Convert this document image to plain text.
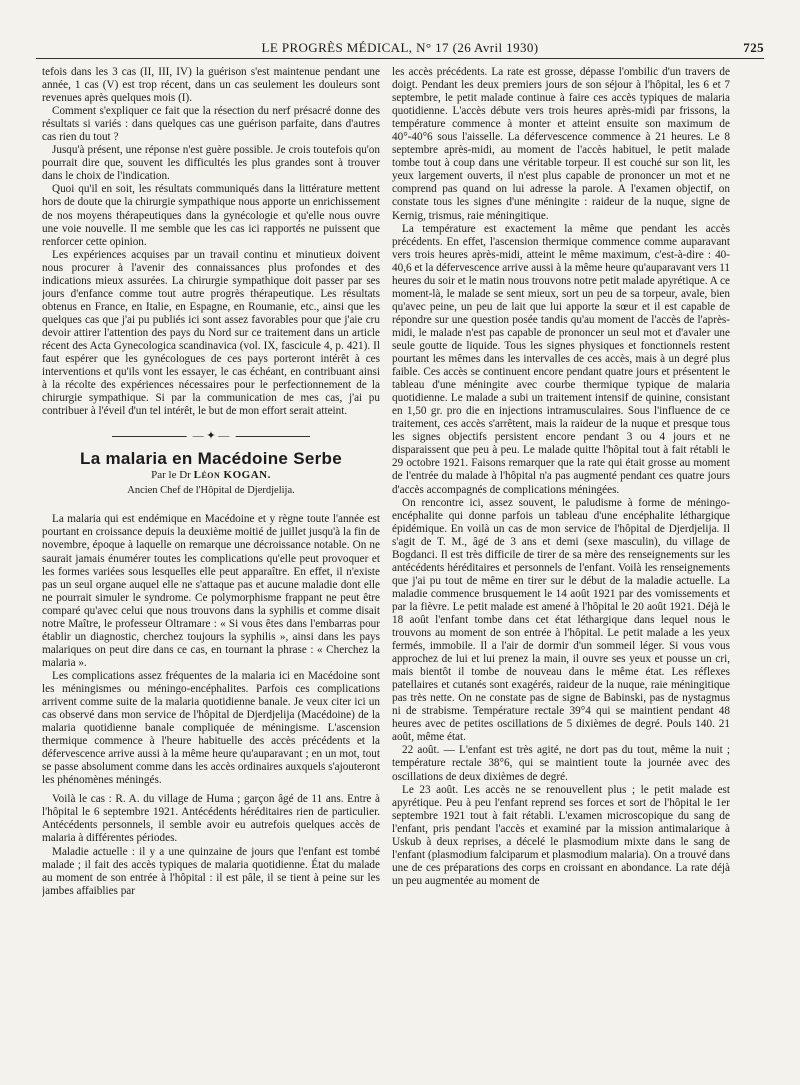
LE PROGRÈS MÉDICAL, N° 17 (26 Avril 1930)	725

tefois dans les 3 cas (II, III, IV) la guérison s'est maintenue pendant une année, 1 cas (V) est trop récent, dans un cas seulement les douleurs sont revenues après quelques mois (I).

Comment s'expliquer ce fait que la résection du nerf présacré donne des résultats si variés : dans quelques cas une guérison parfaite, dans d'autres cas rien du tout ?

Jusqu'à présent, une réponse n'est guère possible. Je crois toutefois qu'on pourrait dire que, souvent les difficultés les plus grandes sont à trouver dans le choix de l'indication.

Quoi qu'il en soit, les résultats communiqués dans la littérature mettent hors de doute que la chirurgie sympathique nous apporte un enrichissement de nos moyens thérapeutiques dans la gynécologie et qu'elle nous ouvre une voie nouvelle. Il me semble que les cas ici rapportés ne puissent que renforcer cette opinion.

Les expériences acquises par un travail continu et minutieux doivent nous procurer à l'avenir des connaissances plus profondes et des indications mieux assurées. La chirurgie sympathique doit passer par ses jours d'enfance comme tout autre progrès thérapeutique. Les résultats obtenus en France, en Italie, en Espagne, en Roumanie, etc., ainsi que les quelques cas que j'ai pu publiés ici sont assez favorables pour que j'aie cru devoir attirer l'attention des pays du Nord sur ce traitement dans un article récent des Acta Gynecologica scandinavica (vol. IX, fascicule 4, p. 421). Il faut espérer que les gynécologues de ces pays porteront intérêt à ces interventions et qu'ils vont les essayer, le cas échéant, en contribuant ainsi à la récolte des expériences nécessaires pour le perfectionnement de la chirurgie sympathique. Si par la communication de mes cas, j'ai pu contribuer à l'éveil d'un tel intérêt, le but de mon effort serait atteint.

— ✦ —
La malaria en Macédoine Serbe
Par le Dr Léon KOGAN.
Ancien Chef de l'Hôpital de Djerdjelija.

La malaria qui est endémique en Macédoine et y règne toute l'année est pourtant en croissance depuis la deuxième moitié de juillet jusqu'à la fin de novembre, époque à laquelle on remarque une décroissance notable. On ne saurait jamais énumérer toutes les complications qu'elle peut provoquer et les formes variées sous lesquelles elle peut apparaître. En effet, il n'existe pas un seul organe auquel elle ne s'attaque pas et aucune maladie dont elle ne pourrait simuler le syndrome. Ce polymorphisme frappant ne peut être comparé qu'avec celui que nous trouvons dans la syphilis et comme disait notre Maître, le professeur Oltramare : « Si vous êtes dans l'embarras pour établir un diagnostic, cherchez toujours la syphilis », ainsi dans les pays malariques on peut dire dans ce cas, en tournant la phrase : « Cherchez la malaria ».

Les complications assez fréquentes de la malaria ici en Macédoine sont les méningismes ou méningo-encéphalites. Parfois ces complications arrivent comme suite de la malaria quotidienne banale. Je veux citer ici un cas observé dans mon service de l'hôpital de Djerdjelija (Macédoine) de la malaria quotidienne banale compliquée de méningisme. L'ascension thermique commence à l'heure habituelle des accès précédents et la défervescence arrive aussi à la même heure qu'auparavant ; en un mot, tout se passe absolument comme dans les accès ordinaires auxquels s'ajouteront les phénomènes méningés.

Voilà le cas : R. A. du village de Huma ; garçon âgé de 11 ans. Entre à l'hôpital le 6 septembre 1921. Antécédents héréditaires rien de particulier. Antécédents personnels, il semble avoir eu autrefois quelques accès de malaria à différentes périodes.

Maladie actuelle : il y a une quinzaine de jours que l'enfant est tombé malade ; il fait des accès typiques de malaria quotidienne. État du malade au moment de son entrée à l'hôpital : il est pâle, il se tient à peine sur les jambes affaiblies par

les accès précédents. La rate est grosse, dépasse l'ombilic d'un travers de doigt. Pendant les deux premiers jours de son séjour à l'hôpital, les 6 et 7 septembre, le petit malade continue à faire ces accès typiques de malaria quotidienne. L'accès débute vers trois heures après-midi par frissons, la température commence à monter et atteint ensuite son maximum de 40°-40°6 sous l'aisselle. La défervescence commence à 21 heures. Le 8 septembre après-midi, au moment de l'accès habituel, le petit malade tombe tout à coup dans une véritable torpeur. Il est couché sur son lit, les yeux largement ouverts, il n'est plus capable de prononcer un mot et ne comprend pas quand on lui adresse la parole. A l'examen objectif, on constate tous les signes d'une méningite : raideur de la nuque, signe de Kernig, trismus, raie méningitique.

La température est exactement la même que pendant les accès précédents. En effet, l'ascension thermique commence comme auparavant vers trois heures après-midi, atteint le même maximum, c'est-à-dire : 40-40,6 et la défervescence arrive aussi à la même heure qu'auparavant vers 11 heures du soir et le matin nous trouvons notre petit malade apyrétique. A ce moment-là, le malade se sent mieux, sort un peu de sa torpeur, avale, bien qu'avec peine, un peu de lait que lui apporte la sœur et il est capable de répondre sur une question posée tandis qu'au moment de l'accès de l'après-midi, le malade n'est pas capable de prononcer un seul mot et d'avaler une seule goutte de liquide. Tous les signes physiques et fonctionnels restent pourtant les mêmes dans les intervalles de ces accès, mais à un degré plus faible. Ces accès se continuent encore pendant quatre jours et présentent le tableau d'une méningite avec courbe thermique typique de malaria quotidienne. Le malade a subi un traitement intensif de quinine, consistant en 1,50 gr. pro die en injections intramusculaires. Sous l'influence de ce traitement, ces accès s'arrêtent, mais la raideur de la nuque et presque tous les signes objectifs persistent encore pendant 3 ou 4 jours et ne disparaissent que peu à peu. Le malade quitte l'hôpital tout à fait rétabli le 29 octobre 1921. Faisons remarquer que la rate qui était grosse au moment de l'entrée du malade à l'hôpital n'a pas augmenté pendant ces quatre jours d'accès accompagnés de complications méningées.

On rencontre ici, assez souvent, le paludisme à forme de méningo-encéphalite qui donne parfois un tableau d'une encéphalite léthargique épidémique. En voilà un cas de mon service de l'hôpital de Djerdjelija. Il s'agit de T. M., âgé de 3 ans et demi (sexe masculin), du village de Bogdanci. Il est très difficile de tirer de sa mère des renseignements sur les antécédents héréditaires et personnels de l'enfant. Voilà les renseignements que j'ai pu tout de même en tirer sur le début de la maladie actuelle. La maladie commence brusquement le 14 août 1921 par des vomissements et par la fièvre. Le petit malade est amené à l'hôpital le 20 août 1921. Déjà le 18 août l'enfant tombe dans cet état léthargique dans lequel nous le trouvons au moment de son entrée à l'hôpital. Le petit malade a les yeux fermés, immobile. Il a l'air de dormir d'un sommeil léger. Si vous vous approchez de lui et lui prenez la main, il ouvre ses yeux et pousse un cri, mais bientôt il tombe de nouveau dans le même état. Les réflexes patellaires et cutanés sont exagérés, raideur de la nuque, raie méningitique pas très nette. On ne constate pas de signe de Babinski, pas de nystagmus ni de strabisme. Température rectale 39°4 qui se maintient pendant 48 heures avec de petites oscillations de 5 dixièmes de degré. Pouls 140. 21 août, même état.

22 août. — L'enfant est très agité, ne dort pas du tout, même la nuit ; température rectale 38°6, qui se maintient toute la journée avec des oscillations de deux dixièmes de degré.

Le 23 août. Les accès ne se renouvellent plus ; le petit malade est apyrétique. Peu à peu l'enfant reprend ses forces et sort de l'hôpital le 1er septembre 1921 tout à fait rétabli. L'examen microscopique du sang de l'enfant, pris pendant l'accès et examiné par la mission antimalarique à Uskub à deux reprises, a décelé le plasmodium mixte dans le sang de l'enfant (plasmodium falciparum et plasmodium malaria). On a trouvé dans une de ces préparations des corps en croissant en abondance. La rate déjà un peu augmentée au moment de
